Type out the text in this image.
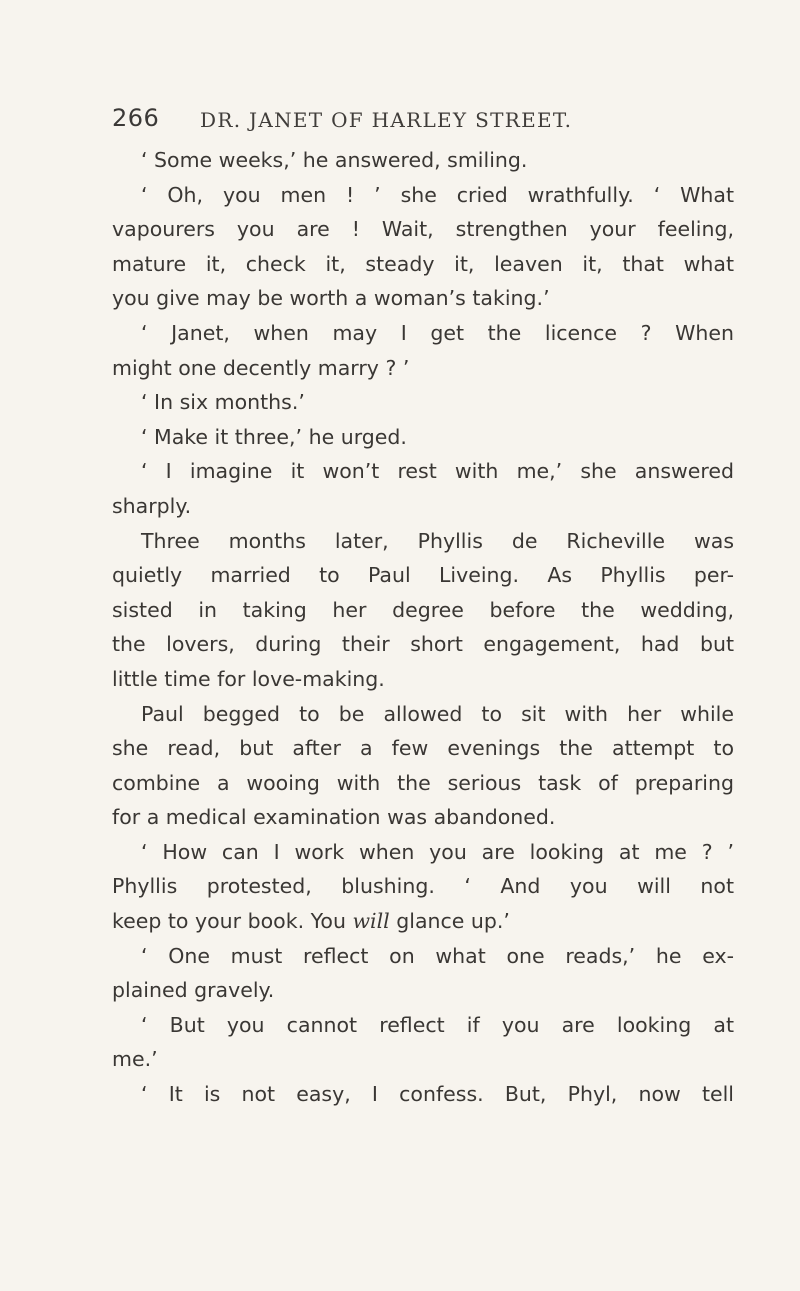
266 DR. JANET OF HARLEY STREET.
‘ Some weeks,’ he answered, smiling.
‘ Oh, you men ! ’ she cried wrathfully. ‘ What
vapourers you are ! Wait, strengthen your feeling,
mature it, check it, steady it, leaven it, that what
you give may be worth a woman’s taking.’
‘ Janet, when may I get the licence ? When
might one decently marry ? ’
‘ In six months.’
‘ Make it three,’ he urged.
‘ I imagine it won’t rest with me,’ she answered
sharply.
Three months later, Phyllis de Richeville was
quietly married to Paul Liveing. As Phyllis per-
sisted in taking her degree before the wedding,
the lovers, during their short engagement, had but
little time for love-making.
Paul begged to be allowed to sit with her while
she read, but after a few evenings the attempt to
combine a wooing with the serious task of preparing
for a medical examination was abandoned.
‘ How can I work when you are looking at me ? ’
Phyllis protested, blushing. ‘ And you will not
keep to your book. You will glance up.’
‘ One must reflect on what one reads,’ he ex-
plained gravely.
‘ But you cannot reflect if you are looking at
me.’
‘ It is not easy, I confess. But, Phyl, now tell
